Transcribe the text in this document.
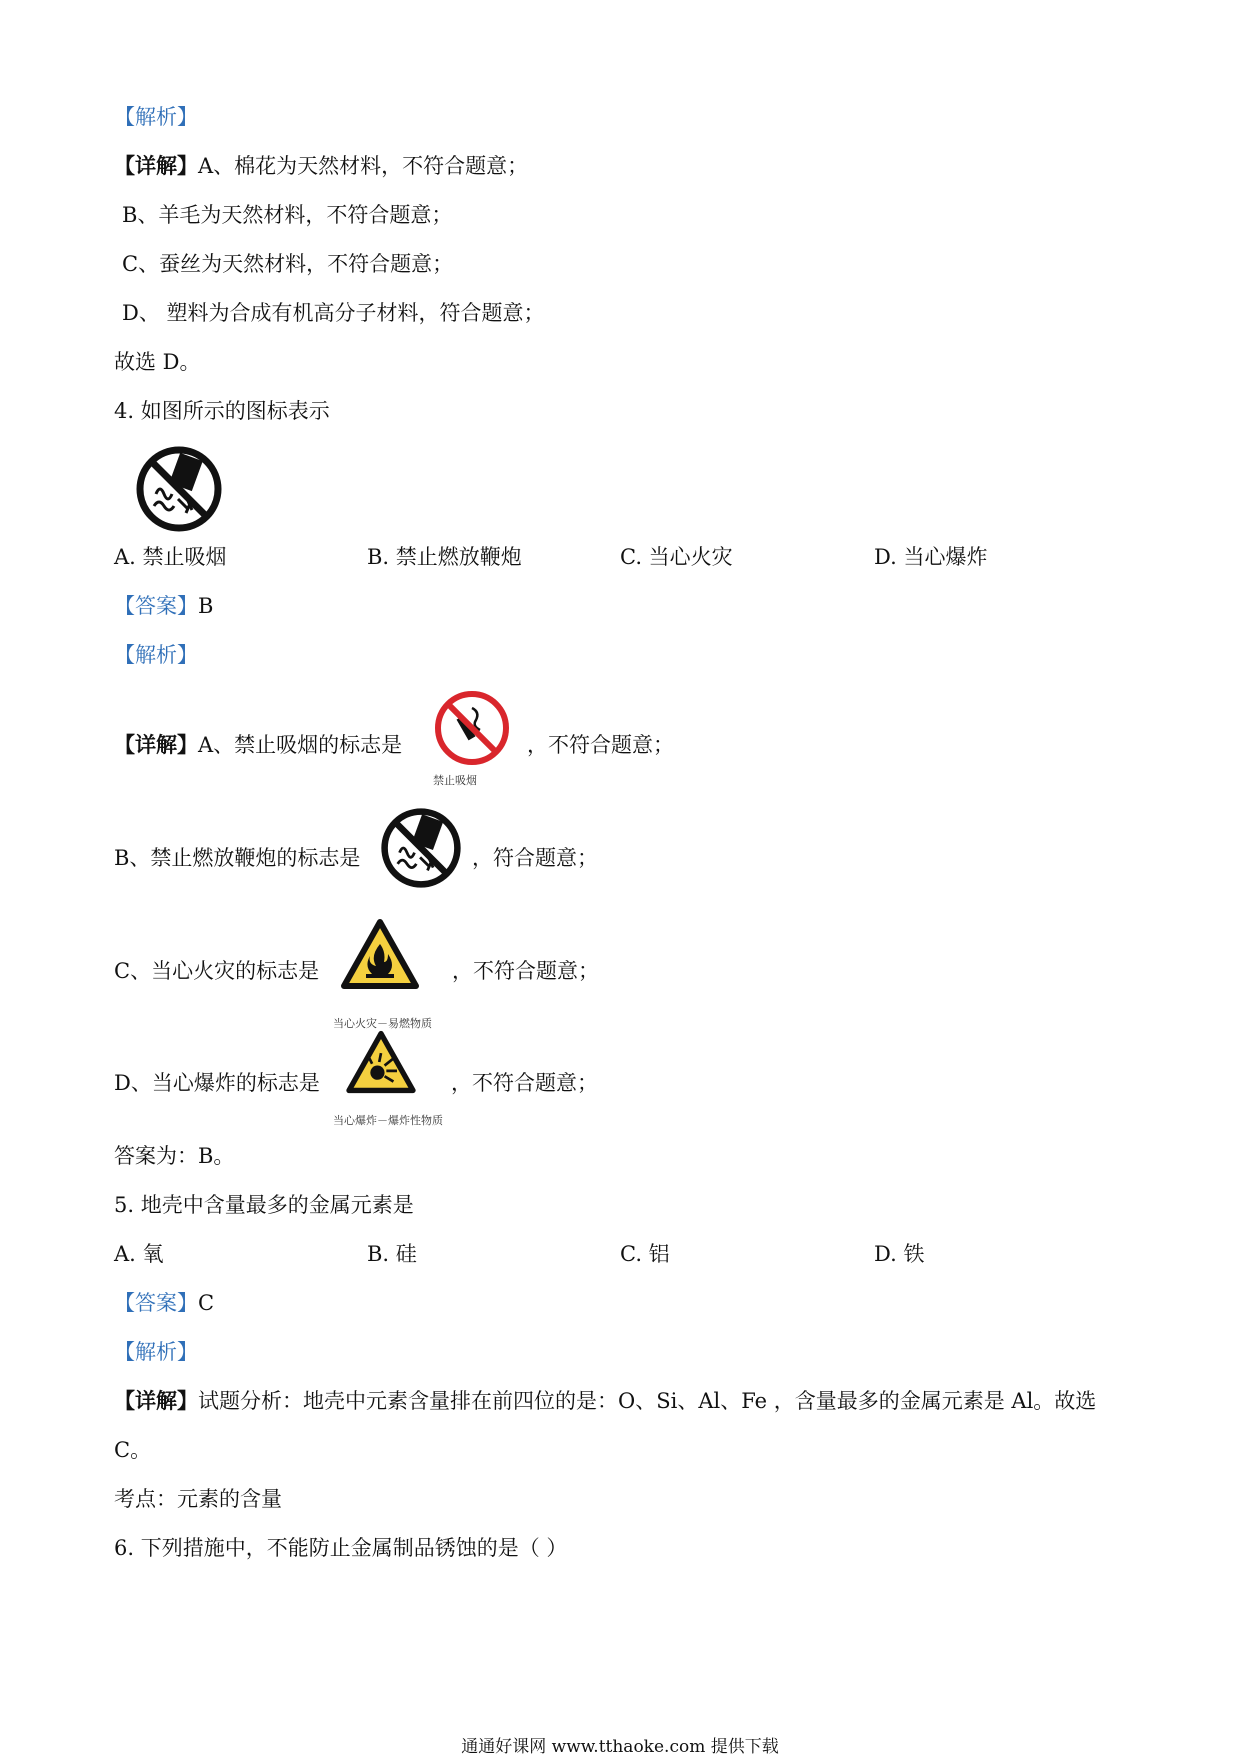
【解析】
【详解】A、棉花为天然材料，不符合题意；
B、羊毛为天然材料，不符合题意；
C、蚕丝为天然材料，不符合题意；
D、 塑料为合成有机高分子材料，符合题意；
故选 D。
4. 如图所示的图标表示
A. 禁止吸烟	B. 禁止燃放鞭炮	C. 当心火灾	D. 当心爆炸
【答案】B
【解析】
【详解】A、禁止吸烟的标志是
禁止吸烟
，不符合题意；
B、禁止燃放鞭炮的标志是	，符合题意；
C、当心火灾的标志是
当心火灾－易燃物质
，不符合题意；
D、当心爆炸的标志是
当心爆炸－爆炸性物质
，不符合题意；
答案为：B。
5. 地壳中含量最多的金属元素是
A. 氧	B. 硅	C. 铝	D. 铁
【答案】C
【解析】
【详解】试题分析：地壳中元素含量排在前四位的是：O、Si、Al、Fe ，含量最多的金属元素是 Al。故选
C。
考点：元素的含量
6. 下列措施中，不能防止金属制品锈蚀的是（ ）
通通好课网 www.tthaoke.com 提供下载
